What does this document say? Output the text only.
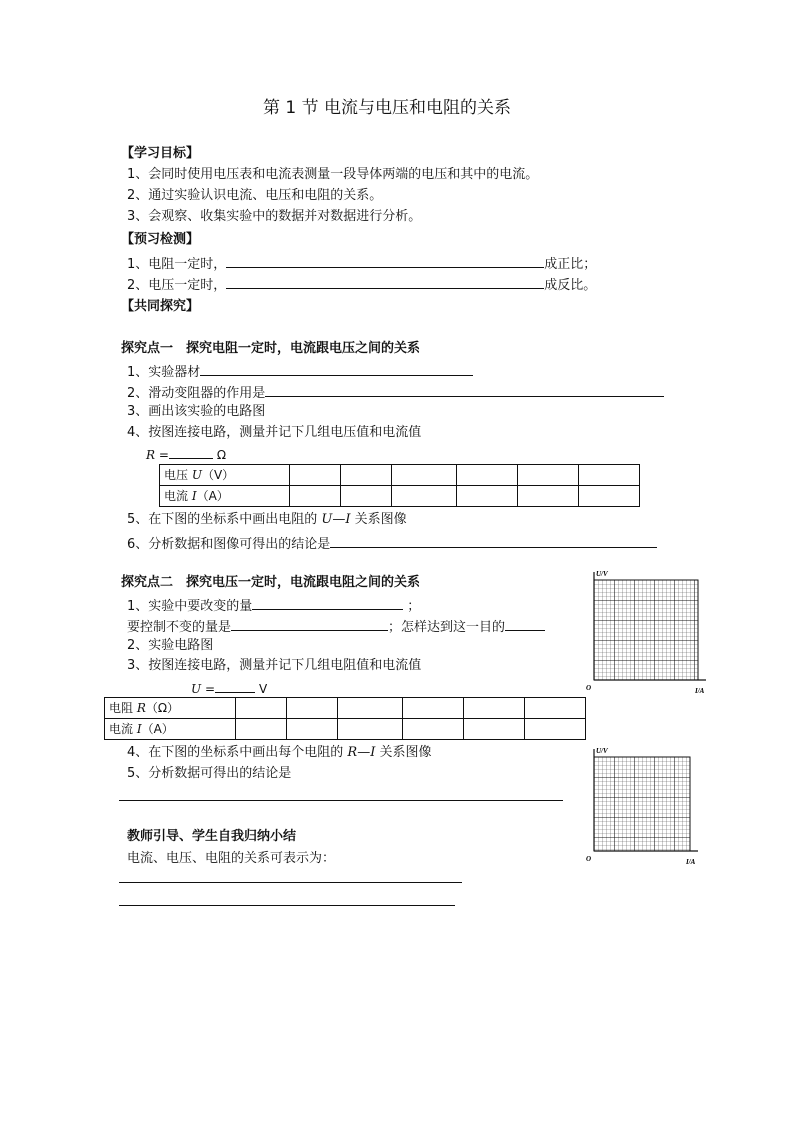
第 1 节 电流与电压和电阻的关系
【学习目标】
1、会同时使用电压表和电流表测量一段导体两端的电压和其中的电流。
2、通过实验认识电流、电压和电阻的关系。
3、会观察、收集实验中的数据并对数据进行分析。
【预习检测】
1、电阻一定时，	成正比；
2、电压一定时，	成反比。
【共同探究】
探究点一　探究电阻一定时，电流跟电压之间的关系
1、实验器材
2、滑动变阻器的作用是
3、画出该实验的电路图
4、按图连接电路，测量并记下几组电压值和电流值
R =	Ω
电压 U（V）						
电流 I（A）						
5、在下图的坐标系中画出电阻的 U—I 关系图像
6、分析数据和图像可得出的结论是
探究点二　探究电压一定时，电流跟电阻之间的关系
1、实验中要改变的量	；
要控制不变的量是	；怎样达到这一目的
2、实验电路图
3、按图连接电路，测量并记下几组电阻值和电流值
U =	V
电阻 R（Ω）						
电流 I（A）						
4、在下图的坐标系中画出每个电阻的 R—I 关系图像
5、分析数据可得出的结论是
教师引导、学生自我归纳小结
电流、电压、电阻的关系可表示为：
U/V
O	I/A
U/V
O	I/A
